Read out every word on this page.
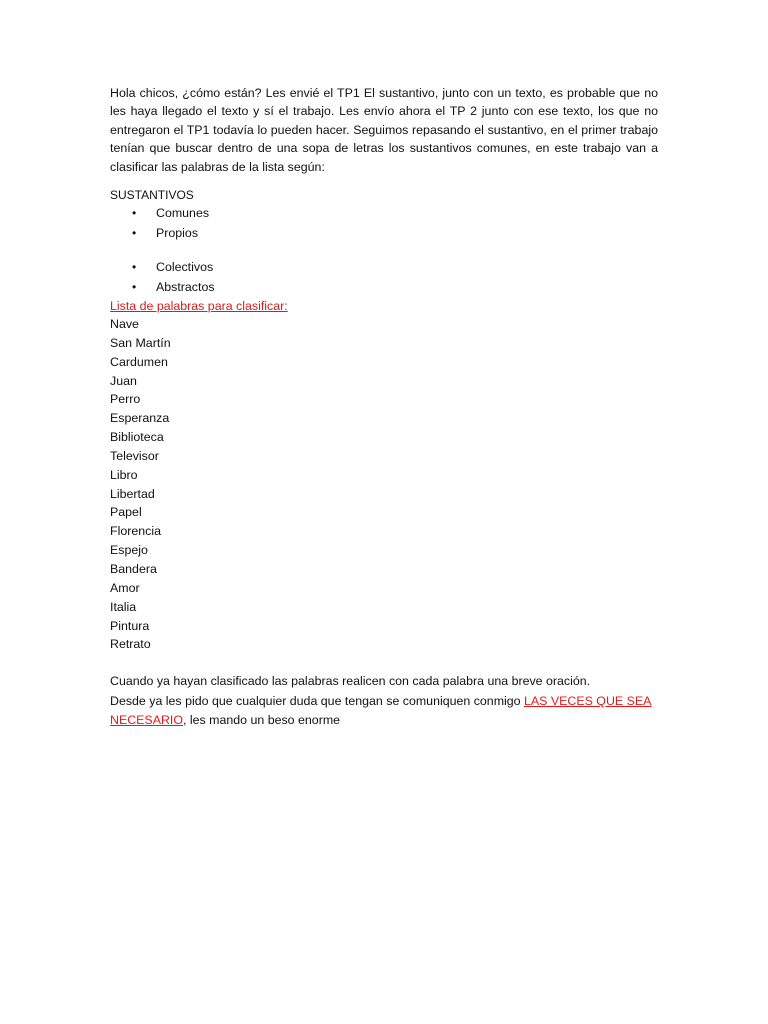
Hola chicos, ¿cómo están? Les envié el TP1 El sustantivo, junto con un texto, es probable que no les haya llegado el texto y sí el trabajo. Les envío ahora el TP 2 junto con ese texto, los que no entregaron el TP1 todavía lo pueden hacer. Seguimos repasando el sustantivo, en el primer trabajo tenían que buscar dentro de una sopa de letras los sustantivos comunes, en este trabajo van a clasificar las palabras de la lista según:

SUSTANTIVOS

• Comunes
• Propios
• Colectivos
• Abstractos

Lista de palabras para clasificar:

Nave
San Martín
Cardumen
Juan
Perro
Esperanza
Biblioteca
Televisor
Libro
Libertad
Papel
Florencia
Espejo
Bandera
Amor
Italia
Pintura
Retrato

Cuando ya hayan clasificado las palabras realicen con cada palabra una breve oración.

Desde ya les pido que cualquier duda que tengan se comuniquen conmigo LAS VECES QUE SEA NECESARIO, les mando un beso enorme
